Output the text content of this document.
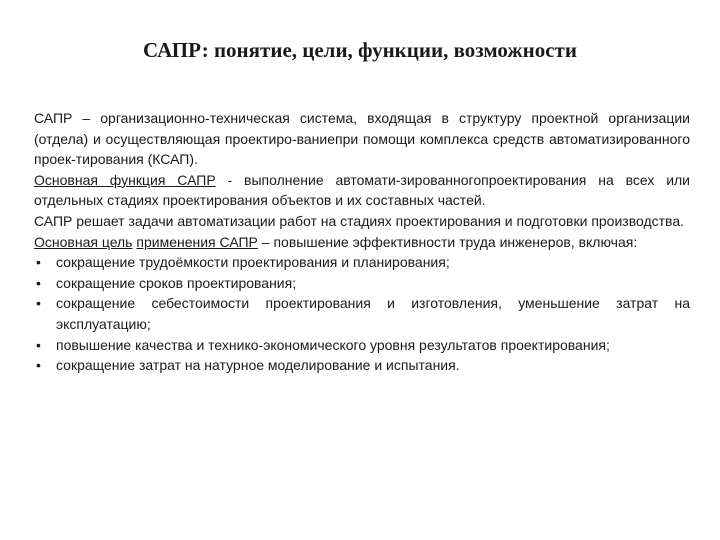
САПР: понятие, цели, функции, возможности

САПР – организационно-техническая система, входящая в структуру проектной организации (отдела) и осуществляющая проектиро-ваниепри помощи комплекса средств автоматизированного проек-тирования (КСАП).

Основная функция САПР - выполнение автомати-зированногопроектирования на всех или отдельных стадиях проектирования объектов и их составных частей.

САПР решает задачи автоматизации работ на стадиях проектирования и подготовки производства.

Основная цель применения САПР – повышение эффективности труда инженеров, включая:

• сокращение трудоёмкости проектирования и планирования;
• сокращение сроков проектирования;
• сокращение себестоимости проектирования и изготовления, уменьшение затрат на эксплуатацию;
• повышение качества и технико-экономического уровня результатов проектирования;
• сокращение затрат на натурное моделирование и испытания.
